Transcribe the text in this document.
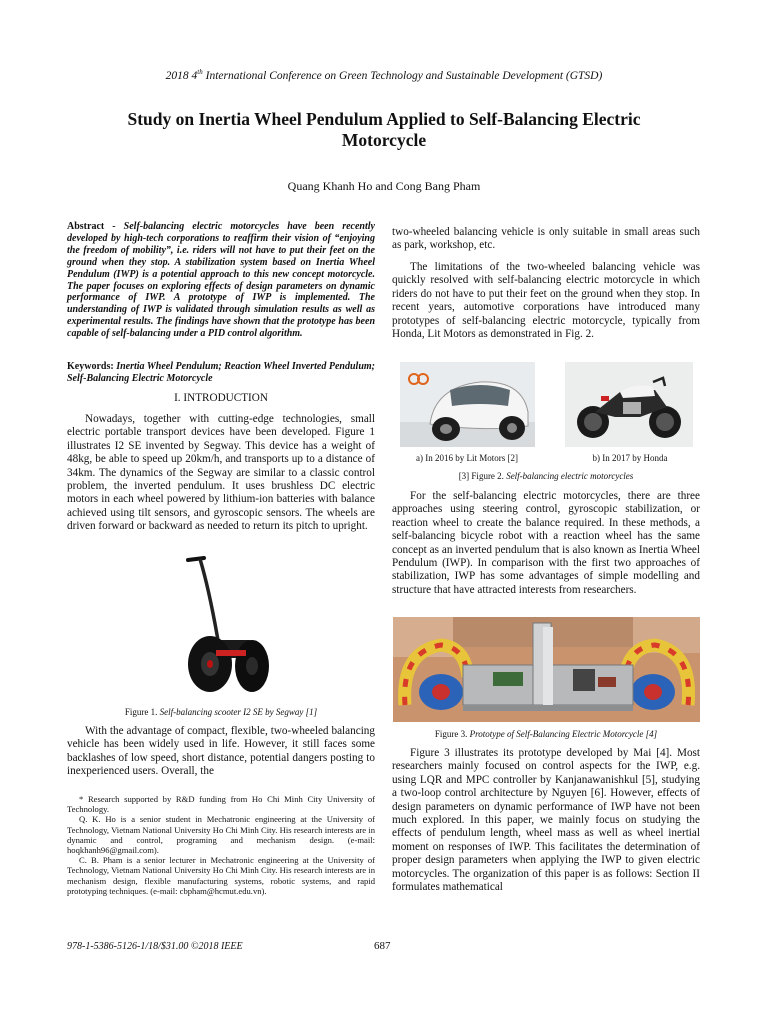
2018 4th International Conference on Green Technology and Sustainable Development (GTSD)
Study on Inertia Wheel Pendulum Applied to Self-Balancing Electric Motorcycle
Quang Khanh Ho and Cong Bang Pham
Abstract - Self-balancing electric motorcycles have been recently developed by high-tech corporations to reaffirm their vision of “enjoying the freedom of mobility”, i.e. riders will not have to put their feet on the ground when they stop. A stabilization system based on Inertia Wheel Pendulum (IWP) is a potential approach to this new concept motorcycle. The paper focuses on exploring effects of design parameters on dynamic performance of IWP. A prototype of IWP is implemented. The understanding of IWP is validated through simulation results as well as experimental results. The findings have shown that the prototype has been capable of self-balancing under a PID control algorithm.
Keywords: Inertia Wheel Pendulum; Reaction Wheel Inverted Pendulum; Self-Balancing Electric Motorcycle
I. INTRODUCTION

Nowadays, together with cutting-edge technologies, small electric portable transport devices have been developed. Figure 1 illustrates I2 SE invented by Segway. This device has a weight of 48kg, be able to speed up 20km/h, and transports up to a distance of 34km. The dynamics of the Segway are similar to a classic control problem, the inverted pendulum. It uses brushless DC electric motors in each wheel powered by lithium-ion batteries with balance achieved using tilt sensors, and gyroscopic sensors. The wheels are driven forward or backward as needed to return its pitch to upright.

Figure 1. Self-balancing scooter I2 SE by Segway [1]

With the advantage of compact, flexible, two-wheeled balancing vehicle has been widely used in life. However, it still faces some backlashes of low speed, short distance, potential dangers posting to inexperienced users. Overall, the

* Research supported by R&D funding from Ho Chi Minh City University of Technology.

Q. K. Ho is a senior student in Mechatronic engineering at the University of Technology, Vietnam National University Ho Chi Minh City. His research interests are in dynamic and control, programing and mechanism design. (e-mail: hoqkhanh96@gmail.com).

C. B. Pham is a senior lecturer in Mechatronic engineering at the University of Technology, Vietnam National University Ho Chi Minh City. His research interests are in mechanism design, flexible manufacturing systems, robotic systems, and rapid prototyping techniques. (e-mail: cbpham@hcmut.edu.vn).

two-wheeled balancing vehicle is only suitable in small areas such as park, workshop, etc.

The limitations of the two-wheeled balancing vehicle was quickly resolved with self-balancing electric motorcycle in which riders do not have to put their feet on the ground when they stop. In recent years, automotive corporations have introduced many prototypes of self-balancing electric motorcycle, typically from Honda, Lit Motors as demonstrated in Fig. 2.

a) In 2016 by Lit Motors [2]	b) In 2017 by Honda
[3] Figure 2. Self-balancing electric motorcycles

For the self-balancing electric motorcycles, there are three approaches using steering control, gyroscopic stabilization, or reaction wheel to create the balance required. In these methods, a self-balancing bicycle robot with a reaction wheel has the same concept as an inverted pendulum that is also known as Inertia Wheel Pendulum (IWP). In comparison with the first two approaches of stabilization, IWP has some advantages of simple modelling and structure that have attracted interests from researchers.

Figure 3. Prototype of Self-Balancing Electric Motorcycle [4]

Figure 3 illustrates its prototype developed by Mai [4]. Most researchers mainly focused on control aspects for the IWP, e.g. using LQR and MPC controller by Kanjanawanishkul [5], studying a two-loop control architecture by Nguyen [6]. However, effects of design parameters on dynamic performance of IWP have not been much explored. In this paper, we mainly focus on studying the effects of pendulum length, wheel mass as well as wheel inertial moment on responses of IWP. This facilitates the determination of proper design parameters when applying the IWP to given electric motorcycles. The organization of this paper is as follows: Section II formulates mathematical

978-1-5386-5126-1/18/$31.00 ©2018 IEEE	687
